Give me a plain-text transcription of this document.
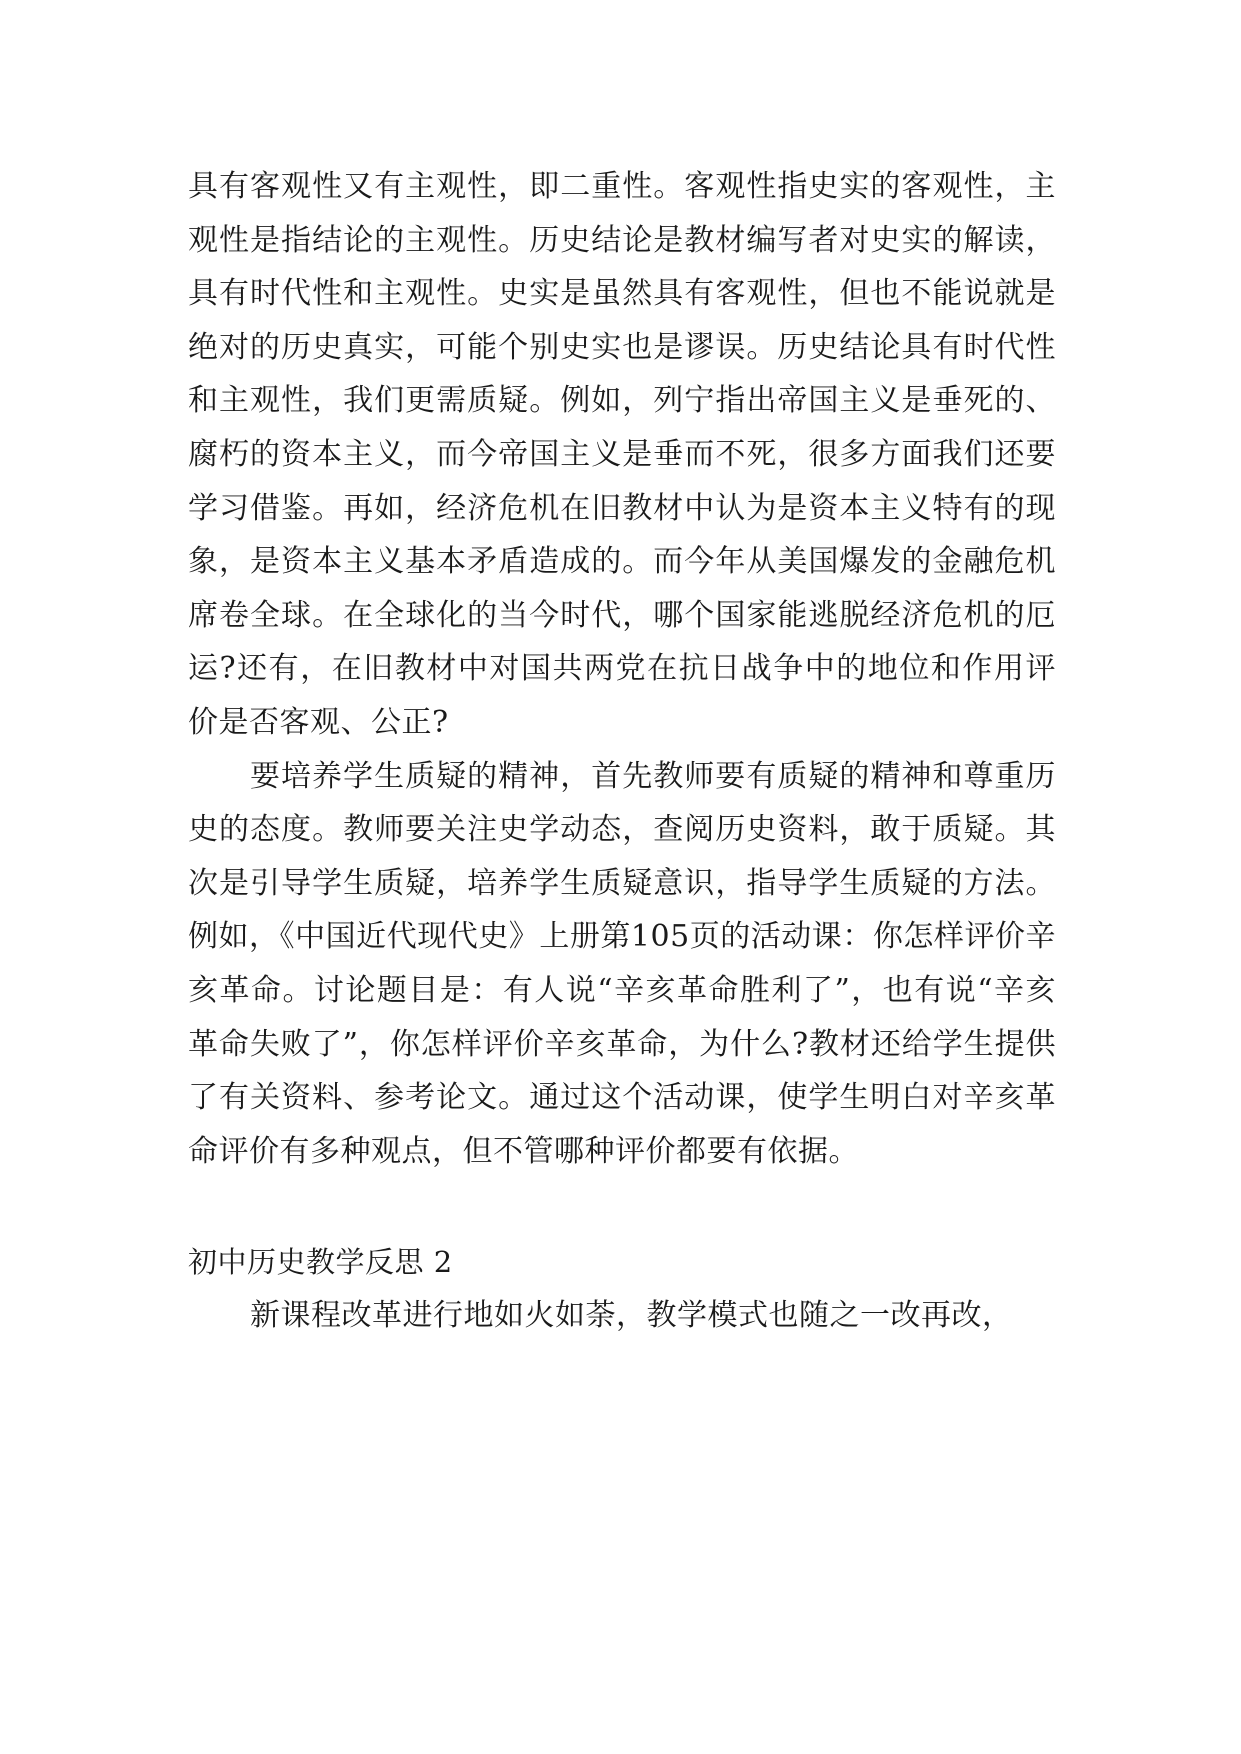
具有客观性又有主观性，即二重性。客观性指史实的客观性，主观性是指结论的主观性。历史结论是教材编写者对史实的解读，具有时代性和主观性。史实是虽然具有客观性，但也不能说就是绝对的历史真实，可能个别史实也是谬误。历史结论具有时代性和主观性，我们更需质疑。例如，列宁指出帝国主义是垂死的、腐朽的资本主义，而今帝国主义是垂而不死，很多方面我们还要学习借鉴。再如，经济危机在旧教材中认为是资本主义特有的现象，是资本主义基本矛盾造成的。而今年从美国爆发的金融危机席卷全球。在全球化的当今时代，哪个国家能逃脱经济危机的厄运?还有，在旧教材中对国共两党在抗日战争中的地位和作用评价是否客观、公正?

要培养学生质疑的精神，首先教师要有质疑的精神和尊重历史的态度。教师要关注史学动态，查阅历史资料，敢于质疑。其次是引导学生质疑，培养学生质疑意识，指导学生质疑的方法。例如，《中国近代现代史》上册第105页的活动课：你怎样评价辛亥革命。讨论题目是：有人说“辛亥革命胜利了”，也有说“辛亥革命失败了”，你怎样评价辛亥革命，为什么?教材还给学生提供了有关资料、参考论文。通过这个活动课，使学生明白对辛亥革命评价有多种观点，但不管哪种评价都要有依据。

初中历史教学反思 2

新课程改革进行地如火如荼，教学模式也随之一改再改，
